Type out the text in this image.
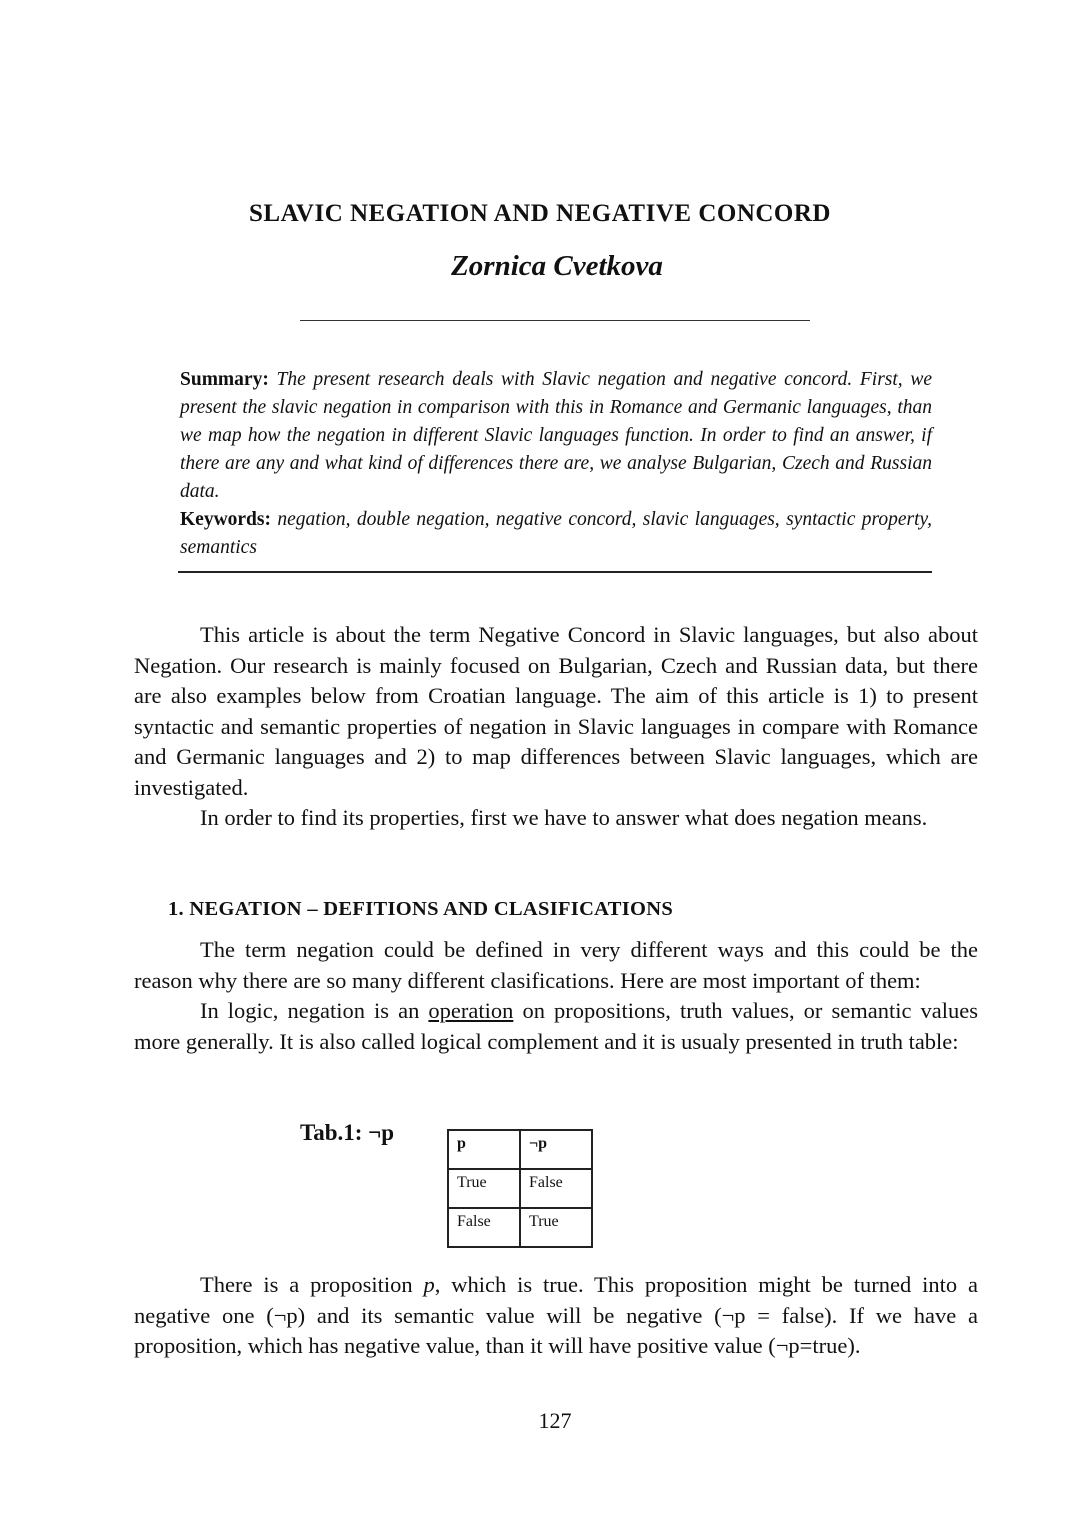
SLAVIC NEGATION AND NEGATIVE CONCORD
Zornica Cvetkova

Summary: The present research deals with Slavic negation and negative concord. First, we present the slavic negation in comparison with this in Romance and Germanic languages, than we map how the negation in different Slavic languages function. In order to find an answer, if there are any and what kind of differences there are, we analyse Bulgarian, Czech and Russian data.

Keywords: negation, double negation, negative concord, slavic languages, syntactic property, semantics

This article is about the term Negative Concord in Slavic languages, but also about Negation. Our research is mainly focused on Bulgarian, Czech and Russian data, but there are also examples below from Croatian language. The aim of this article is 1) to present syntactic and semantic properties of negation in Slavic languages in compare with Romance and Germanic languages and 2) to map differences between Slavic languages, which are investigated.

In order to find its properties, first we have to answer what does negation means.

1. NEGATION – DEFITIONS AND CLASIFICATIONS

The term negation could be defined in very different ways and this could be the reason why there are so many different clasifications. Here are most important of them:

In logic, negation is an operation on propositions, truth values, or semantic values more generally. It is also called logical complement and it is usualy presented in truth table:

Tab.1: ¬p	p	¬p
True	False
False	True

There is a proposition p, which is true. This proposition might be turned into a negative one (¬p) and its semantic value will be negative (¬p = false). If we have a proposition, which has negative value, than it will have positive value (¬p=true).

127
